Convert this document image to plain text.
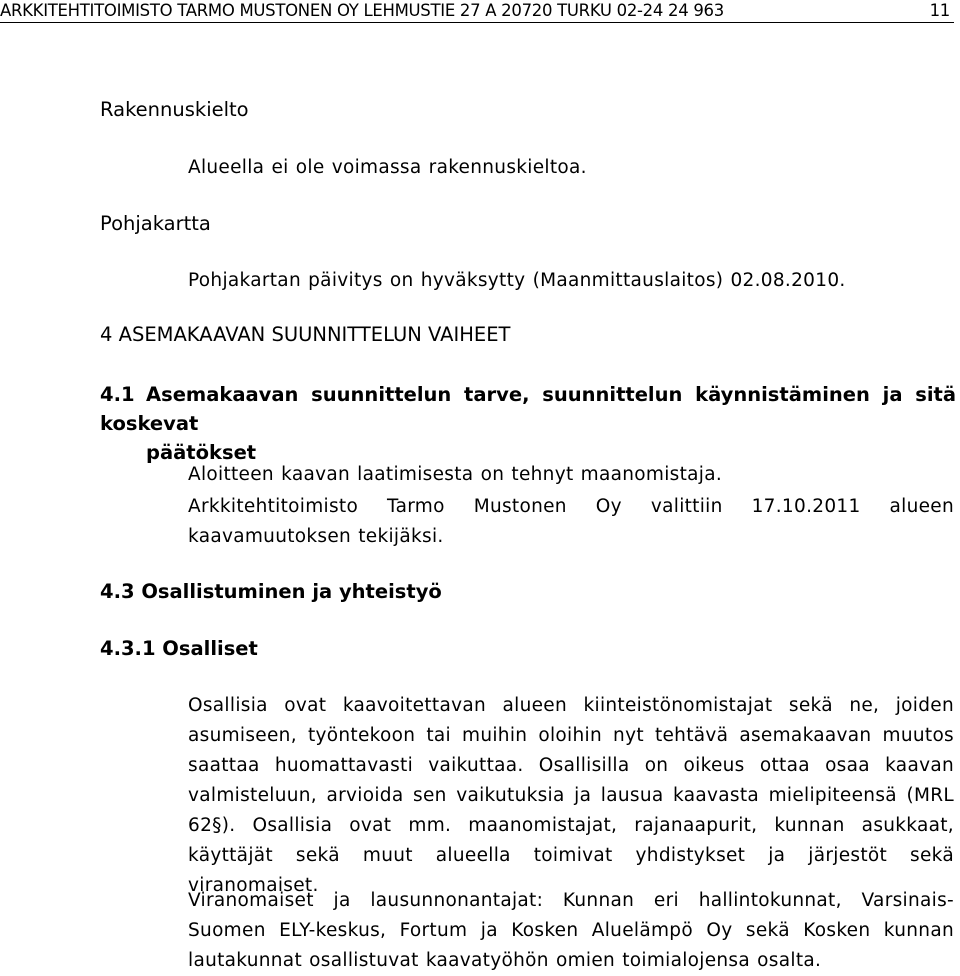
ARKKITEHTITOIMISTO TARMO MUSTONEN OY LEHMUSTIE 27 A 20720 TURKU 02-24 24 963	11
Rakennuskielto
Alueella ei ole voimassa rakennuskieltoa.
Pohjakartta
Pohjakartan päivitys on hyväksytty (Maanmittauslaitos) 02.08.2010.
4 ASEMAKAAVAN SUUNNITTELUN VAIHEET
4.1 Asemakaavan suunnittelun tarve, suunnittelun käynnistäminen ja sitä koskevat
päätökset
Aloitteen kaavan laatimisesta on tehnyt maanomistaja.
Arkkitehtitoimisto Tarmo Mustonen Oy valittiin 17.10.2011 alueen kaavamuutoksen tekijäksi.
4.3 Osallistuminen ja yhteistyö
4.3.1 Osalliset
Osallisia ovat kaavoitettavan alueen kiinteistönomistajat sekä ne, joiden asumiseen, työntekoon tai muihin oloihin nyt tehtävä asemakaavan muutos saattaa huomattavasti vaikuttaa. Osallisilla on oikeus ottaa osaa kaavan valmisteluun, arvioida sen vaikutuksia ja lausua kaavasta mielipiteensä (MRL 62§). Osallisia ovat mm. maanomistajat, rajanaapurit, kunnan asukkaat, käyttäjät sekä muut alueella toimivat yhdistykset ja järjestöt sekä viranomaiset.
Viranomaiset ja lausunnonantajat: Kunnan eri hallintokunnat, Varsinais-Suomen ELY-keskus, Fortum ja Kosken Aluelämpö Oy sekä Kosken kunnan lautakunnat osallistuvat kaavatyöhön omien toimialojensa osalta.
